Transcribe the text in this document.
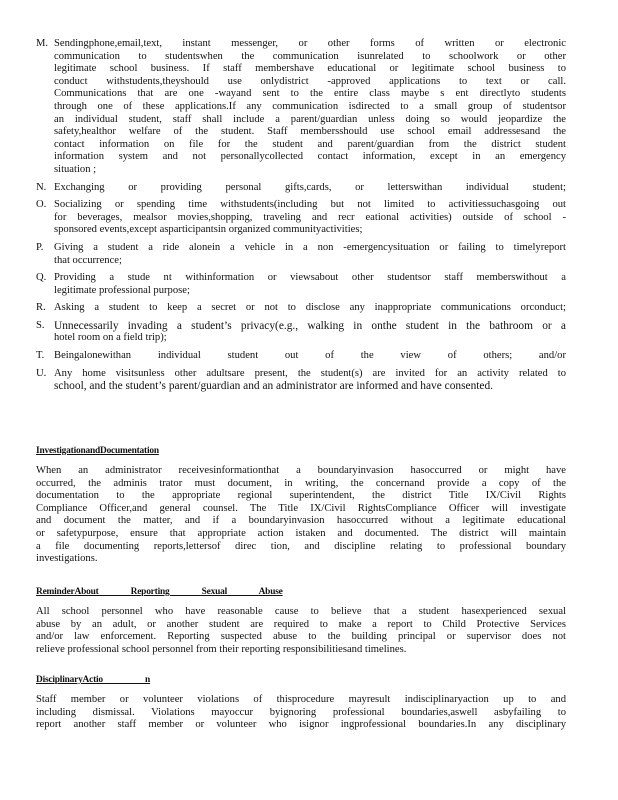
M. Sendingphone,email,text, instant messenger, or other forms of written or electronic
communication to studentswhen the communication isunrelated to schoolwork or other
legitimate school business. If staff membershave educational or legitimate school business to
conduct withstudents,theyshould use onlydistrict -approved applications to text or call.
Communications that are one -wayand sent to the entire class maybe s ent directlyto students
through one of these applications.If any communication isdirected to a small group of studentsor
an individual student, staff shall include a parent/guardian unless doing so would jeopardize the
safety,healthor welfare of the student. Staff membersshould use school email addressesand the
contact information on file for the student and parent/guardian from the district student
information system and not personallycollected contact information, except in an emergency
situation ;
N. Exchanging or providing personal gifts,cards, or letterswithan individual student;
O. Socializing or spending time withstudents(including but not limited to activitiessuchasgoing out
for beverages, mealsor movies,shopping, traveling and recr eational activities) outside of school -
sponsored events,except asparticipantsin organized communityactivities;
P.	Giving a student a ride alonein a vehicle in a non -emergencysituation or failing to timelyreport
that occurrence;
Q. Providing a stude nt withinformation or viewsabout other studentsor staff memberswithout a
legitimate professional purpose;
R. Asking a student to keep a secret or not to disclose any inappropriate communications orconduct;
S. Unnecessarily invading a student’s privacy(e.g., walking in onthe student in the bathroom or a
hotel room on a field trip);
T. Beingalonewithan individual student out of the view of others; and/or
U. Any home visitsunless other adultsare present, the student(s) are invited for an activity related to
school, and the student’s parent/guardian and an administrator are informed and have consented.
InvestigationandDocumentation
When an administrator receivesinformationthat a boundaryinvasion hasoccurred or might have
occurred, the adminis trator must document, in writing, the concernand provide a copy of the
documentation to the appropriate regional superintendent, the district Title IX/Civil Rights
Compliance Officer,and general counsel. The Title IX/Civil RightsCompliance Officer will investigate
and document the matter, and if a boundaryinvasion hasoccurred without a legitimate educational
or safetypurpose, ensure that appropriate action istaken and documented. The district will maintain
a file documenting reports,lettersof direc tion, and discipline relating to professional boundary
investigations.
ReminderAbout Reporting Sexual Abuse
All school personnel who have reasonable cause to believe that a student hasexperienced sexual
abuse by an adult, or another student are required to make a report to Child Protective Services
and/or law enforcement. Reporting suspected abuse to the building principal or supervisor does not
relieve professional school personnel from their reporting responsibilitiesand timelines.
DisciplinaryActio n
Staff member or volunteer violations of thisprocedure mayresult indisciplinaryaction up to and
including dismissal. Violations mayoccur byignoring professional boundaries,aswell asbyfailing to
report another staff member or volunteer who isignor ingprofessional boundaries.In any disciplinary
